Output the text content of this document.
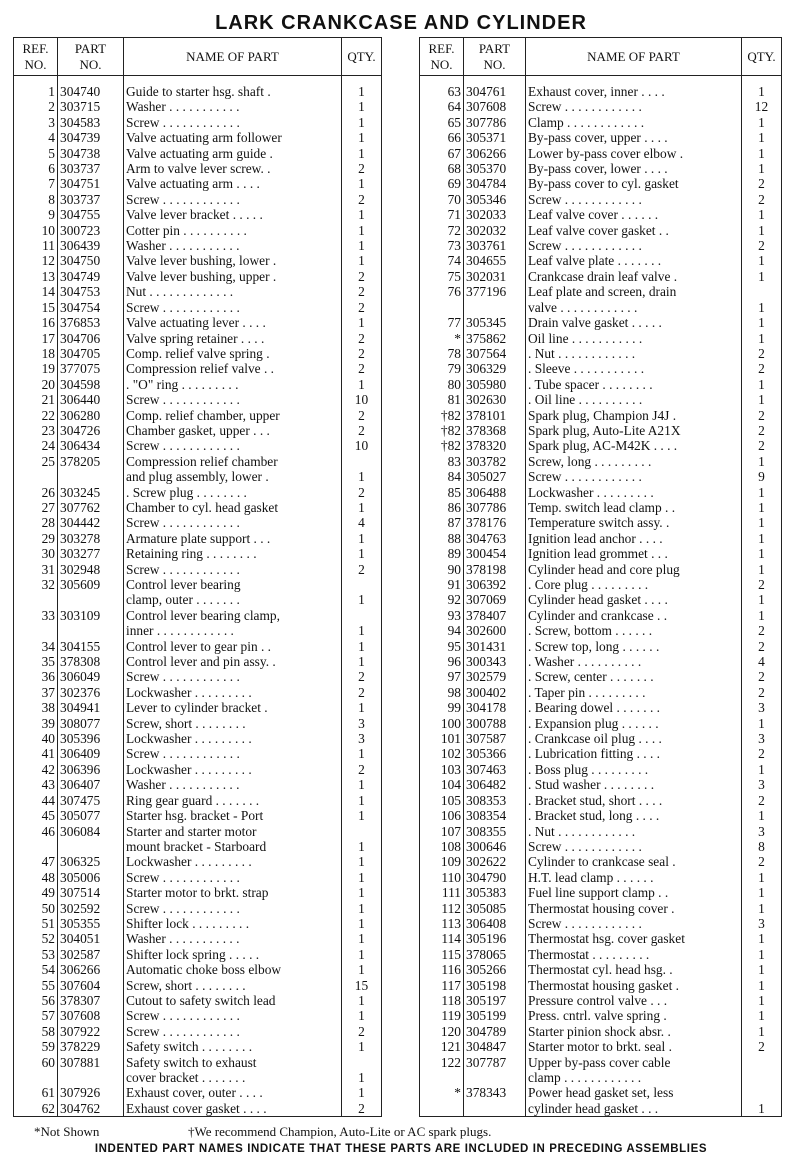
LARK CRANKCASE AND CYLINDER
REF.
NO.	PART
NO.	NAME OF PART	QTY.
1	304740	Guide to starter hsg. shaft .	1
2	303715	Washer . . . . . . . . . . .	1
3	304583	Screw . . . . . . . . . . . .	1
4	304739	Valve actuating arm follower	1
5	304738	Valve actuating arm guide .	1
6	303737	Arm to valve lever screw. .	2
7	304751	Valve actuating arm . . . .	1
8	303737	Screw . . . . . . . . . . . .	2
9	304755	Valve lever bracket . . . . .	1
10	300723	Cotter pin . . . . . . . . . .	1
11	306439	Washer . . . . . . . . . . .	1
12	304750	Valve lever bushing, lower .	1
13	304749	Valve lever bushing, upper .	2
14	304753	Nut . . . . . . . . . . . . .	2
15	304754	Screw . . . . . . . . . . . .	2
16	376853	Valve actuating lever . . . .	1
17	304706	Valve spring retainer . . . .	2
18	304705	Comp. relief valve spring .	2
19	377075	Compression relief valve . .	2
20	304598	. "O" ring . . . . . . . . .	1
21	306440	Screw . . . . . . . . . . . .	10
22	306280	Comp. relief chamber, upper	2
23	304726	Chamber gasket, upper . . .	2
24	306434	Screw . . . . . . . . . . . .	10
25	378205	Compression relief chamber	
		and plug assembly, lower .	1
26	303245	. Screw plug . . . . . . . .	2
27	307762	Chamber to cyl. head gasket	1
28	304442	Screw . . . . . . . . . . . .	4
29	303278	Armature plate support . . .	1
30	303277	Retaining ring . . . . . . . .	1
31	302948	Screw . . . . . . . . . . . .	2
32	305609	Control lever bearing	
		clamp, outer . . . . . . .	1
33	303109	Control lever bearing clamp,	
		inner . . . . . . . . . . . .	1
34	304155	Control lever to gear pin . .	1
35	378308	Control lever and pin assy. .	1
36	306049	Screw . . . . . . . . . . . .	2
37	302376	Lockwasher . . . . . . . . .	2
38	304941	Lever to cylinder bracket .	1
39	308077	Screw, short . . . . . . . .	3
40	305396	Lockwasher . . . . . . . . .	3
41	306409	Screw . . . . . . . . . . . .	1
42	306396	Lockwasher . . . . . . . . .	2
43	306407	Washer . . . . . . . . . . .	1
44	307475	Ring gear guard . . . . . . .	1
45	305077	Starter hsg. bracket - Port	1
46	306084	Starter and starter motor	
		mount bracket - Starboard	1
47	306325	Lockwasher . . . . . . . . .	1
48	305006	Screw . . . . . . . . . . . .	1
49	307514	Starter motor to brkt. strap	1
50	302592	Screw . . . . . . . . . . . .	1
51	305355	Shifter lock . . . . . . . . .	1
52	304051	Washer . . . . . . . . . . .	1
53	302587	Shifter lock spring . . . . .	1
54	306266	Automatic choke boss elbow	1
55	307604	Screw, short . . . . . . . .	15
56	378307	Cutout to safety switch lead	1
57	307608	Screw . . . . . . . . . . . .	1
58	307922	Screw . . . . . . . . . . . .	2
59	378229	Safety switch . . . . . . . .	1
60	307881	Safety switch to exhaust	
		cover bracket . . . . . . .	1
61	307926	Exhaust cover, outer . . . .	1
62	304762	Exhaust cover gasket . . . .	2
REF.
NO.	PART
NO.	NAME OF PART	QTY.
63	304761	Exhaust cover, inner . . . .	1
64	307608	Screw . . . . . . . . . . . .	12
65	307786	Clamp . . . . . . . . . . . .	1
66	305371	By-pass cover, upper . . . .	1
67	306266	Lower by-pass cover elbow .	1
68	305370	By-pass cover, lower . . . .	1
69	304784	By-pass cover to cyl. gasket	2
70	305346	Screw . . . . . . . . . . . .	2
71	302033	Leaf valve cover . . . . . .	1
72	302032	Leaf valve cover gasket . .	1
73	303761	Screw . . . . . . . . . . . .	2
74	304655	Leaf valve plate . . . . . . .	1
75	302031	Crankcase drain leaf valve .	1
76	377196	Leaf plate and screen, drain	
		valve . . . . . . . . . . . .	1
77	305345	Drain valve gasket . . . . .	1
*	375862	Oil line . . . . . . . . . . .	1
78	307564	. Nut . . . . . . . . . . . .	2
79	306329	. Sleeve . . . . . . . . . . .	2
80	305980	. Tube spacer . . . . . . . .	1
81	302630	. Oil line . . . . . . . . . .	1
†82	378101	Spark plug, Champion J4J .	2
†82	378368	Spark plug, Auto-Lite A21X	2
†82	378320	Spark plug, AC-M42K . . . .	2
83	303782	Screw, long . . . . . . . . .	1
84	305027	Screw . . . . . . . . . . . .	9
85	306488	Lockwasher . . . . . . . . .	1
86	307786	Temp. switch lead clamp . .	1
87	378176	Temperature switch assy. .	1
88	304763	Ignition lead anchor . . . .	1
89	300454	Ignition lead grommet . . .	1
90	378198	Cylinder head and core plug	1
91	306392	. Core plug . . . . . . . . .	2
92	307069	Cylinder head gasket . . . .	1
93	378407	Cylinder and crankcase . .	1
94	302600	. Screw, bottom . . . . . .	2
95	301431	. Screw top, long . . . . . .	2
96	300343	. Washer . . . . . . . . . .	4
97	302579	. Screw, center . . . . . . .	2
98	300402	. Taper pin . . . . . . . . .	2
99	304178	. Bearing dowel . . . . . . .	3
100	300788	. Expansion plug . . . . . .	1
101	307587	. Crankcase oil plug . . . .	3
102	305366	. Lubrication fitting . . . .	2
103	307463	. Boss plug . . . . . . . . .	1
104	306482	. Stud washer . . . . . . . .	3
105	308353	. Bracket stud, short . . . .	2
106	308354	. Bracket stud, long . . . .	1
107	308355	. Nut . . . . . . . . . . . .	3
108	300646	Screw . . . . . . . . . . . .	8
109	302622	Cylinder to crankcase seal .	2
110	304790	H.T. lead clamp . . . . . .	1
111	305383	Fuel line support clamp . .	1
112	305085	Thermostat housing cover .	1
113	306408	Screw . . . . . . . . . . . .	3
114	305196	Thermostat hsg. cover gasket	1
115	378065	Thermostat . . . . . . . . .	1
116	305266	Thermostat cyl. head hsg. .	1
117	305198	Thermostat housing gasket .	1
118	305197	Pressure control valve . . .	1
119	305199	Press. cntrl. valve spring .	1
120	304789	Starter pinion shock absr. .	1
121	304847	Starter motor to brkt. seal .	2
122	307787	Upper by-pass cover cable	
		clamp . . . . . . . . . . . .	
*	378343	Power head gasket set, less	
		cylinder head gasket . . .	1
*Not Shown	†We recommend Champion, Auto-Lite or AC spark plugs.
INDENTED PART NAMES INDICATE THAT THESE PARTS ARE INCLUDED IN PRECEDING ASSEMBLIES
